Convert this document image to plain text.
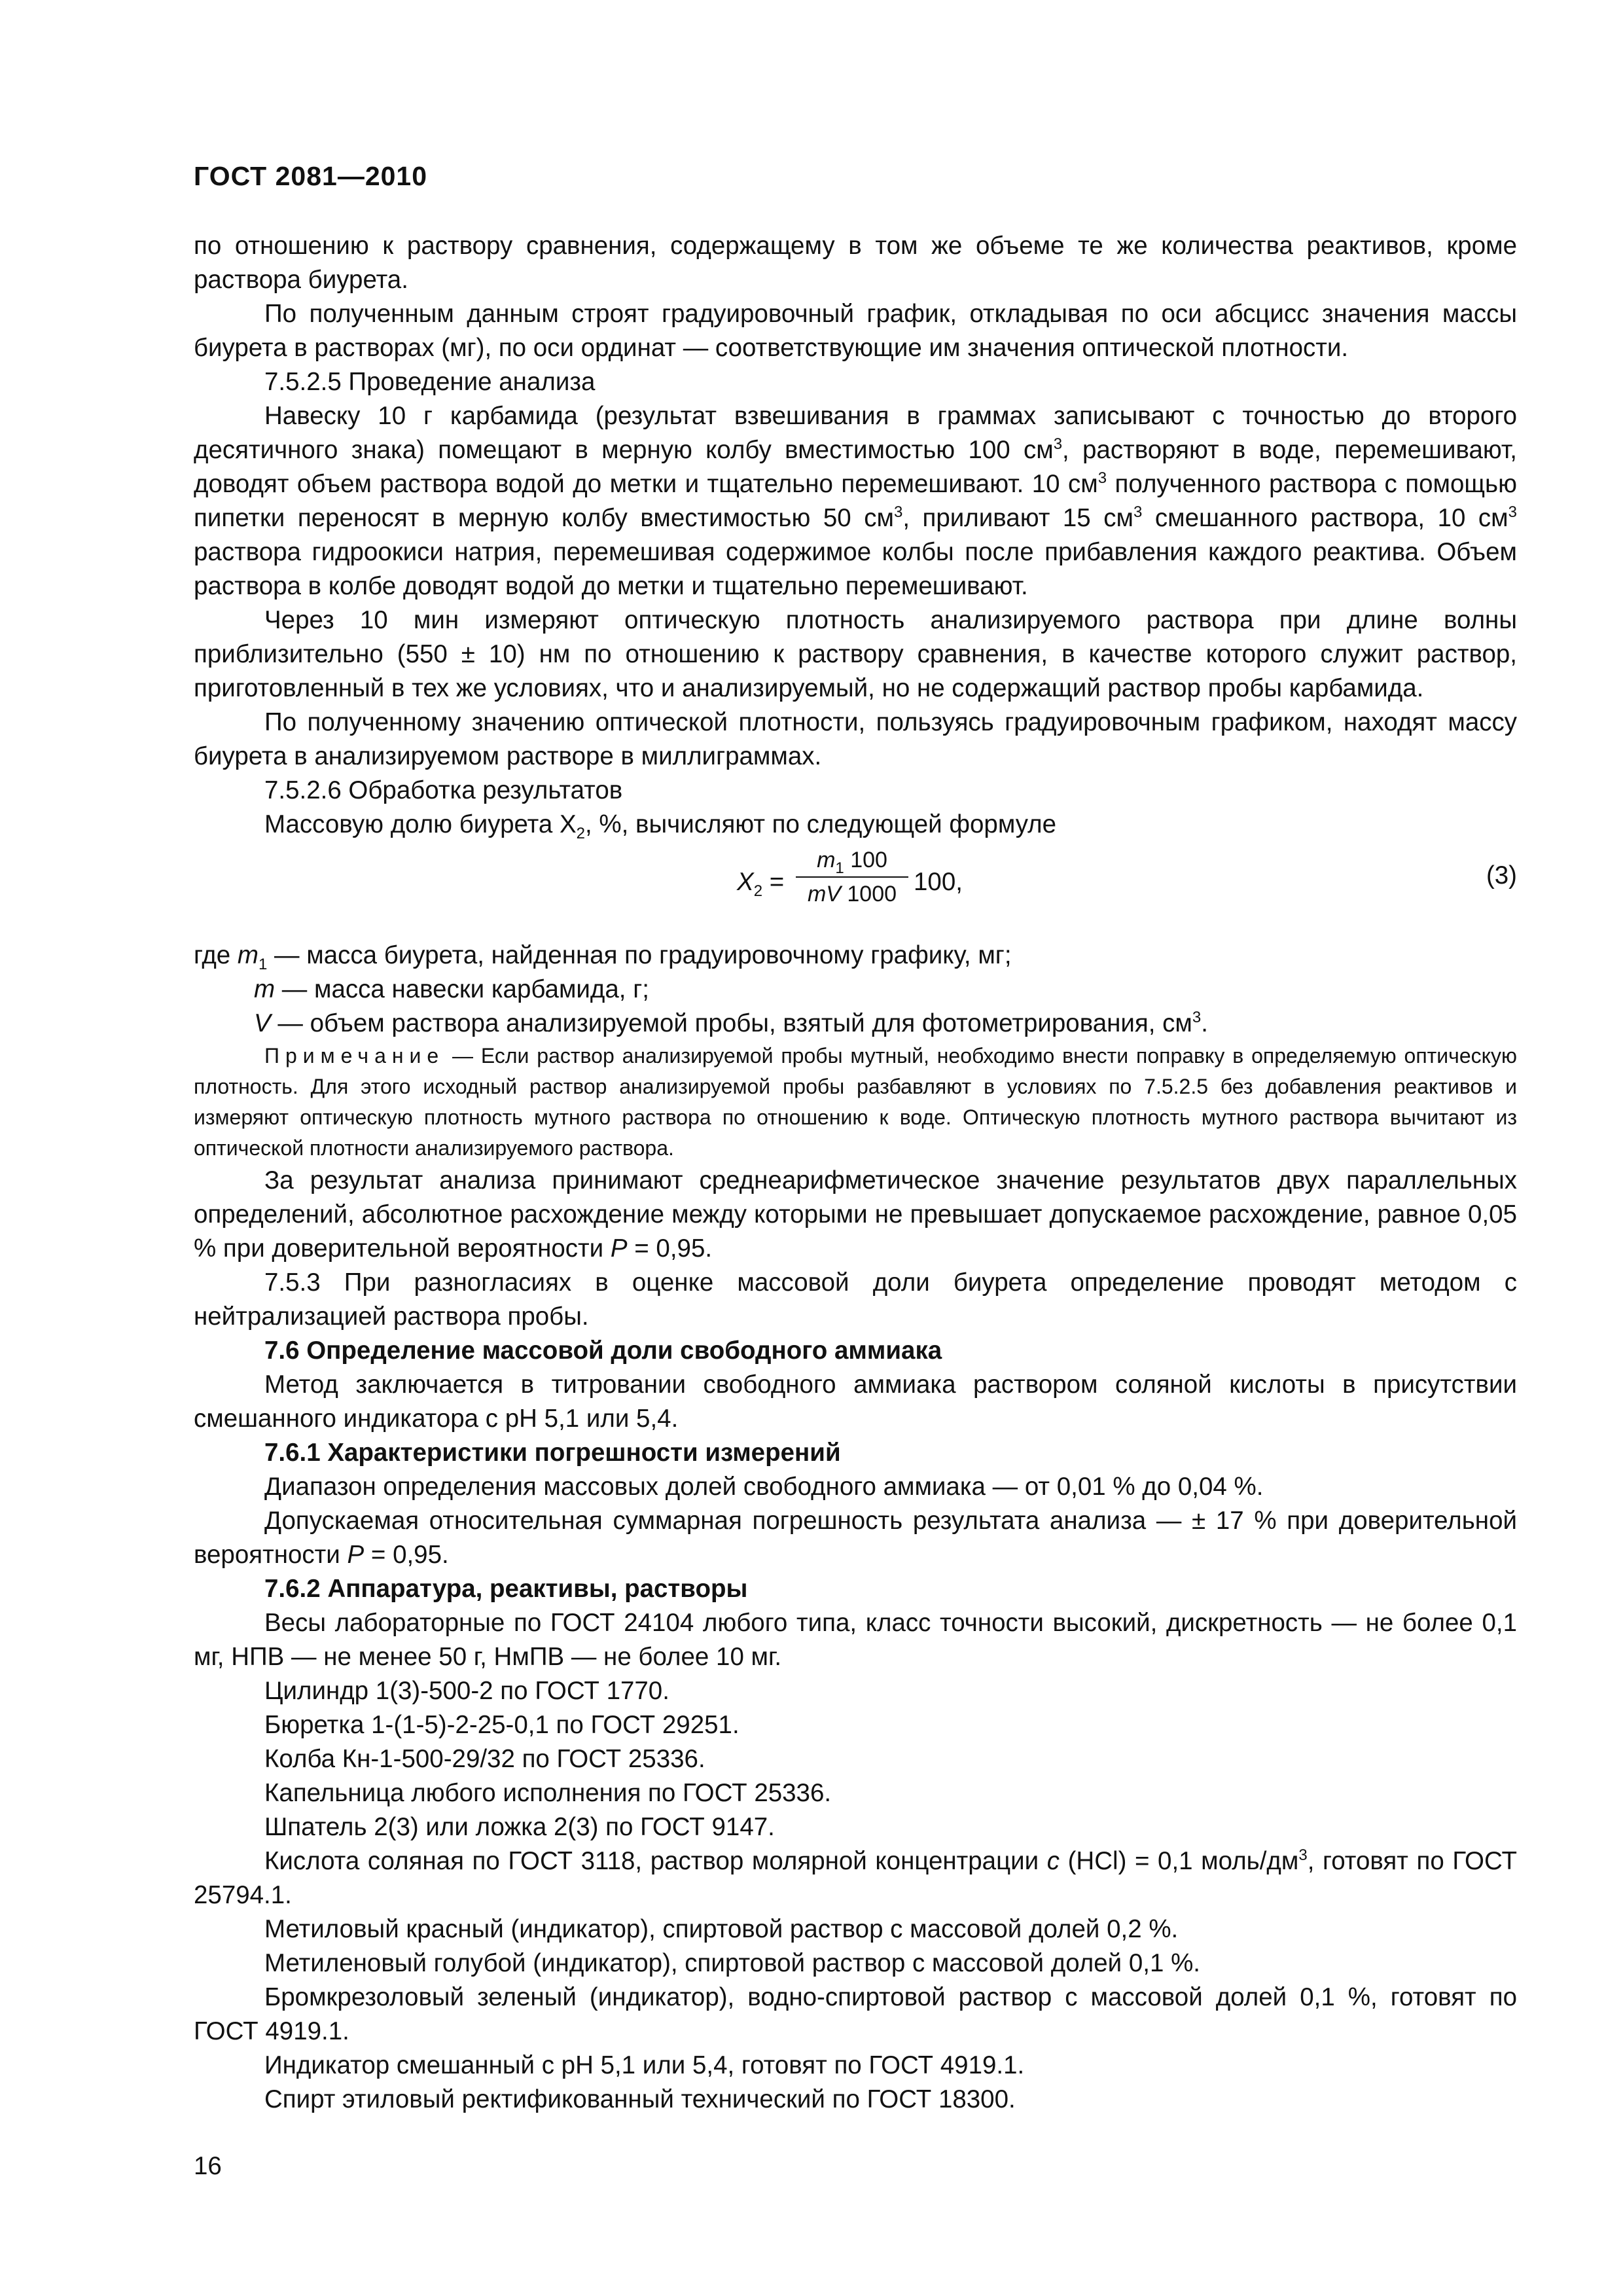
ГОСТ 2081—2010

по отношению к раствору сравнения, содержащему в том же объеме те же количества реактивов, кроме раствора биурета.

По полученным данным строят градуировочный график, откладывая по оси абсцисс значения массы биурета в растворах (мг), по оси ординат — соответствующие им значения оптической плотности.

7.5.2.5 Проведение анализа

Навеску 10 г карбамида (результат взвешивания в граммах записывают с точностью до второго десятичного знака) помещают в мерную колбу вместимостью 100 $см^3$, растворяют в воде, перемешивают, доводят объем раствора водой до метки и тщательно перемешивают. 10 $см^3$ полученного раствора с помощью пипетки переносят в мерную колбу вместимостью 50 $см^3$, приливают 15 $см^3$ смешанного раствора, 10 $см^3$ раствора гидроокиси натрия, перемешивая содержимое колбы после прибавления каждого реактива. Объем раствора в колбе доводят водой до метки и тщательно перемешивают.

Через 10 мин измеряют оптическую плотность анализируемого раствора при длине волны приблизительно (550 ± 10) нм по отношению к раствору сравнения, в качестве которого служит раствор, приготовленный в тех же условиях, что и анализируемый, но не содержащий раствор пробы карбамида.

По полученному значению оптической плотности, пользуясь градуировочным графиком, находят массу биурета в анализируемом растворе в миллиграммах.

7.5.2.6 Обработка результатов

Массовую долю биурета $X_2$, %, вычисляют по следующей формуле

$X_2 = \frac{m_1 100}{mV 1000} 100$,	(3)

где $m_1$ — масса биурета, найденная по градуировочному графику, мг;

m — масса навески карбамида, г;

V — объем раствора анализируемой пробы, взятый для фотометрирования, $см^3$.

Примечание — Если раствор анализируемой пробы мутный, необходимо внести поправку в определяемую оптическую плотность. Для этого исходный раствор анализируемой пробы разбавляют в условиях по 7.5.2.5 без добавления реактивов и измеряют оптическую плотность мутного раствора по отношению к воде. Оптическую плотность мутного раствора вычитают из оптической плотности анализируемого раствора.

За результат анализа принимают среднеарифметическое значение результатов двух параллельных определений, абсолютное расхождение между которыми не превышает допускаемое расхождение, равное 0,05 % при доверительной вероятности P = 0,95.

7.5.3 При разногласиях в оценке массовой доли биурета определение проводят методом с нейтрализацией раствора пробы.

7.6 Определение массовой доли свободного аммиака

Метод заключается в титровании свободного аммиака раствором соляной кислоты в присутствии смешанного индикатора с pH 5,1 или 5,4.

7.6.1 Характеристики погрешности измерений

Диапазон определения массовых долей свободного аммиака — от 0,01 % до 0,04 %.

Допускаемая относительная суммарная погрешность результата анализа — ± 17 % при доверительной вероятности P = 0,95.

7.6.2 Аппаратура, реактивы, растворы

Весы лабораторные по ГОСТ 24104 любого типа, класс точности высокий, дискретность — не более 0,1 мг, НПВ — не менее 50 г, НмПВ — не более 10 мг.

Цилиндр 1(3)-500-2 по ГОСТ 1770.

Бюретка 1-(1-5)-2-25-0,1 по ГОСТ 29251.

Колба Кн-1-500-29/32 по ГОСТ 25336.

Капельница любого исполнения по ГОСТ 25336.

Шпатель 2(3) или ложка 2(3) по ГОСТ 9147.

Кислота соляная по ГОСТ 3118, раствор молярной концентрации c (HCl) = 0,1 моль/$дм^3$, готовят по ГОСТ 25794.1.

Метиловый красный (индикатор), спиртовой раствор с массовой долей 0,2 %.

Метиленовый голубой (индикатор), спиртовой раствор с массовой долей 0,1 %.

Бромкрезоловый зеленый (индикатор), водно-спиртовой раствор с массовой долей 0,1 %, готовят по ГОСТ 4919.1.

Индикатор смешанный с pH 5,1 или 5,4, готовят по ГОСТ 4919.1.

Спирт этиловый ректификованный технический по ГОСТ 18300.

16
